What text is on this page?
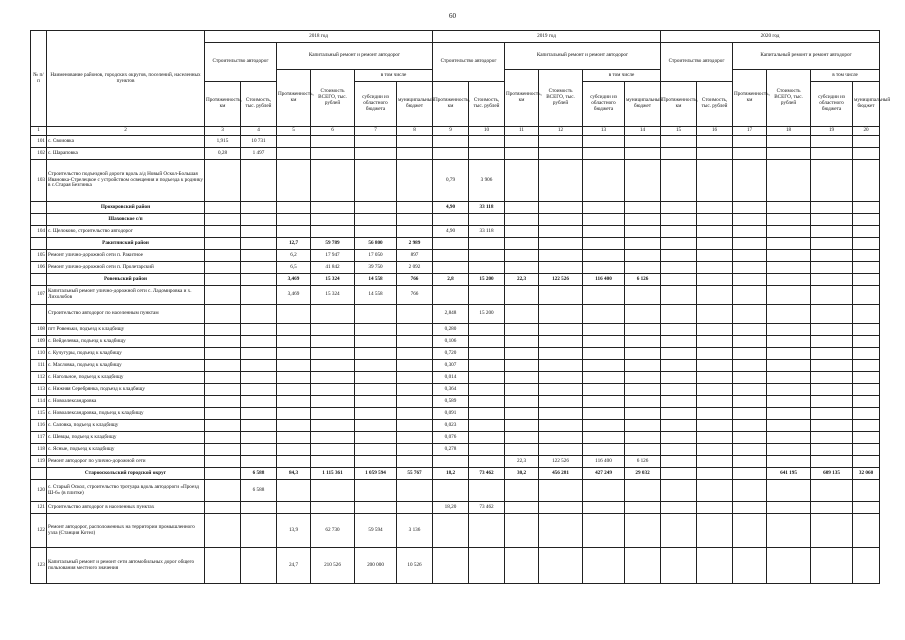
60
№ п/п	Наименование районов, городских округов, поселений, населенных пунктов	2018 год						2019 год						2020 год					
		Строительство автодорог		Капитальный ремонт и ремонт автодорог				Строительство автодорог		Капитальный ремонт и ремонт автодорог				Строительство автодорог		Капитальный ремонт и ремонт автодорог			
				Протяженность, км	Стоимость ВСЕГО, тыс. рублей	в том числе				Протяженность, км	Стоимость ВСЕГО, тыс. рублей	в том числе				Протяженность, км	Стоимость ВСЕГО, тыс. рублей	в том числе	
		Протяженность, км	Стоимость, тыс. рублей			субсидии из областного бюджета	муниципальный бюджет	Протяженность, км	Стоимость, тыс. рублей			субсидии из областного бюджета	муниципальный бюджет	Протяженность, км	Стоимость, тыс. рублей			субсидии из областного бюджета	муниципальный бюджет
1	2	3	4	5	6	7	8	9	10	11	12	13	14	15	16	17	18	19	20
101	с. Своиовка	1,915	10 731																
102	с. Шараповка	0,28	1 497																
103	Строительство подъездной дороги вдоль а/д Новый Оскол-Большая Ивановка-Стрелецкое с устройством освещения и подъезда к роднику в с.Старая Безгинка							0,79	3 906										
	Прохоровский район							4,90	33 118										
	Шаховское с/п																		
104	с. Щелоково, строительство автодорог							4,90	33 118										
	Ракитянский район			12,7	59 789	56 800	2 989												
105	Ремонт улично-дорожной сети п. Ракитное			6,2	17 947	17 050	897												
106	Ремонт улично-дорожной сети п. Пролетарский			6,5	41 842	39 750	2 092												
	Ровеньский район			3,469	15 324	14 558	766	2,8	15 200	22,3	122 526	116 400	6 126						
107	Капитальный ремонт улично-дорожной сети с. Ладомировка и х. Лихолобов			3,469	15 324	14 558	766												
	Строительство автодорог по населенным пунктам							2,848	15 200										
108	пгт Ровеньки, подъезд к кладбищу							0,280											
109	с. Вейделевка, подъезд к кладбищу							0,106											
110	с. Кучугуры, подъезд к кладбищу							0,720											
111	с. Масловка, подъезд к кладбищу							0,307											
112	с. Нагольное, подъезд к кладбищу							0,014											
113	с. Нижняя Серебрянка, подъезд к кладбищу							0,364											
114	с. Новоалександровка							0,589											
115	с. Новоалександровка, подъезд к кладбищу							0,091											
116	с. Саловка, подъезд к кладбищу							0,023											
117	с. Шевцы, подъезд к кладбищу							0,076											
118	с. Ясные, подъезд к кладбищу							0,278											
119	Ремонт автодорог по улично-дорожной сети									22,3	122 526	116 400	6 126						
	Старооскольский городской округ		6 588	84,3	1 115 361	1 059 594	55 767	18,2	73 462	30,2	456 281	427 249	29 032				641 195	609 135	32 060
120	с. Старый Оскол, строительство тротуара вдоль автодороги «Проезд Ш-6» (в плитке)		6 588																
121	Строительство автодорог в населенных пунктах							18,20	73 462										
122	Ремонт автодорог, расположенных на территории промышленного узла (Станция Котел)			13,9	62 730	59 594	3 136												
123	Капитальный ремонт и ремонт сети автомобильных дорог общего пользования местного значения			24,7	210 526	200 000	10 526												
